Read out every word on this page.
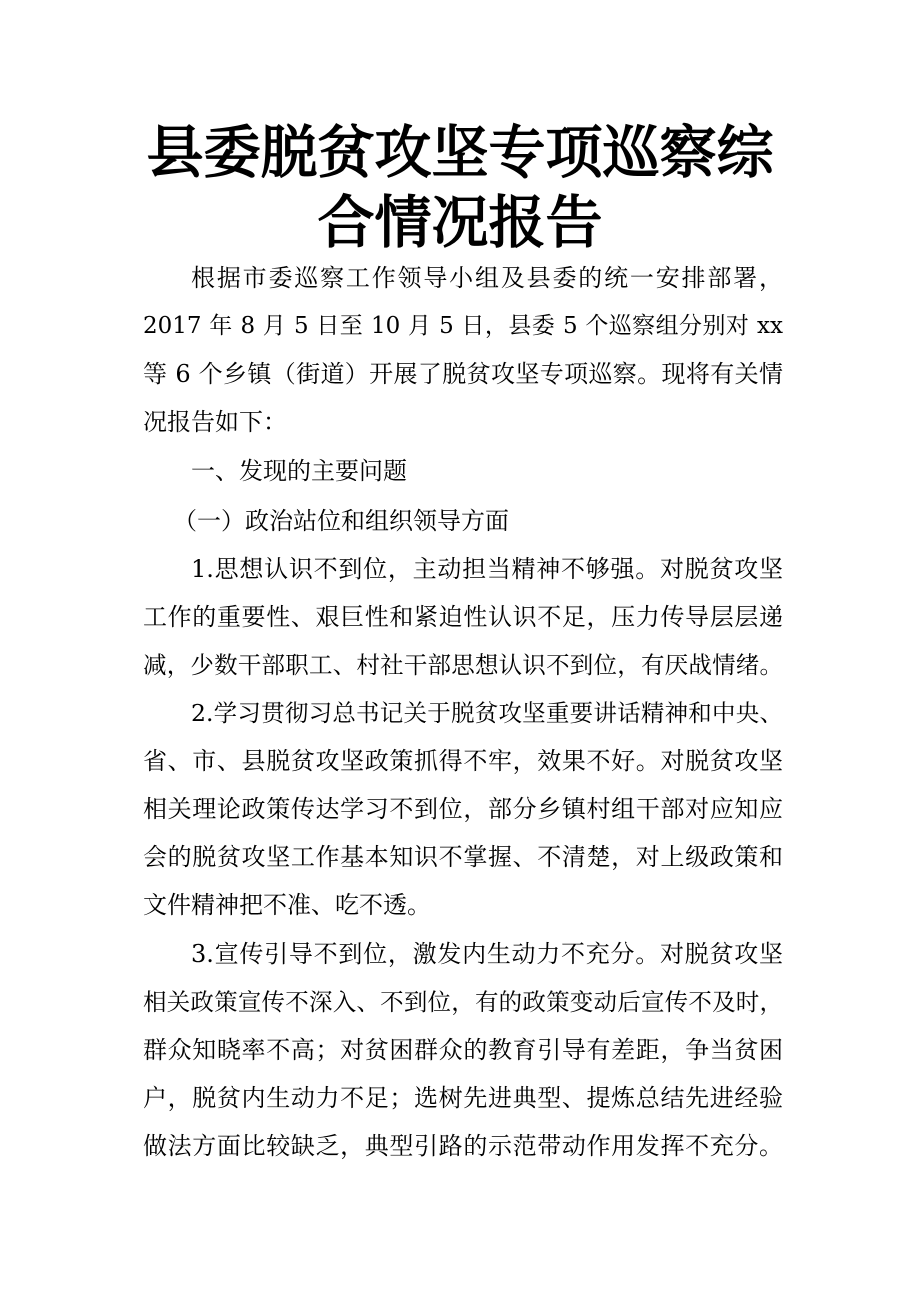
县委脱贫攻坚专项巡察综
合情况报告
根据市委巡察工作领导小组及县委的统一安排部署，
2017 年 8 月 5 日至 10 月 5 日，县委 5 个巡察组分别对 xx
等 6 个乡镇（街道）开展了脱贫攻坚专项巡察。现将有关情
况报告如下：
一、发现的主要问题
（一）政治站位和组织领导方面
1.思想认识不到位，主动担当精神不够强。对脱贫攻坚
工作的重要性、艰巨性和紧迫性认识不足，压力传导层层递
减，少数干部职工、村社干部思想认识不到位，有厌战情绪。
2.学习贯彻习总书记关于脱贫攻坚重要讲话精神和中央、
省、市、县脱贫攻坚政策抓得不牢，效果不好。对脱贫攻坚
相关理论政策传达学习不到位，部分乡镇村组干部对应知应
会的脱贫攻坚工作基本知识不掌握、不清楚，对上级政策和
文件精神把不准、吃不透。
3.宣传引导不到位，激发内生动力不充分。对脱贫攻坚
相关政策宣传不深入、不到位，有的政策变动后宣传不及时，
群众知晓率不高；对贫困群众的教育引导有差距，争当贫困
户，脱贫内生动力不足；选树先进典型、提炼总结先进经验
做法方面比较缺乏，典型引路的示范带动作用发挥不充分。
